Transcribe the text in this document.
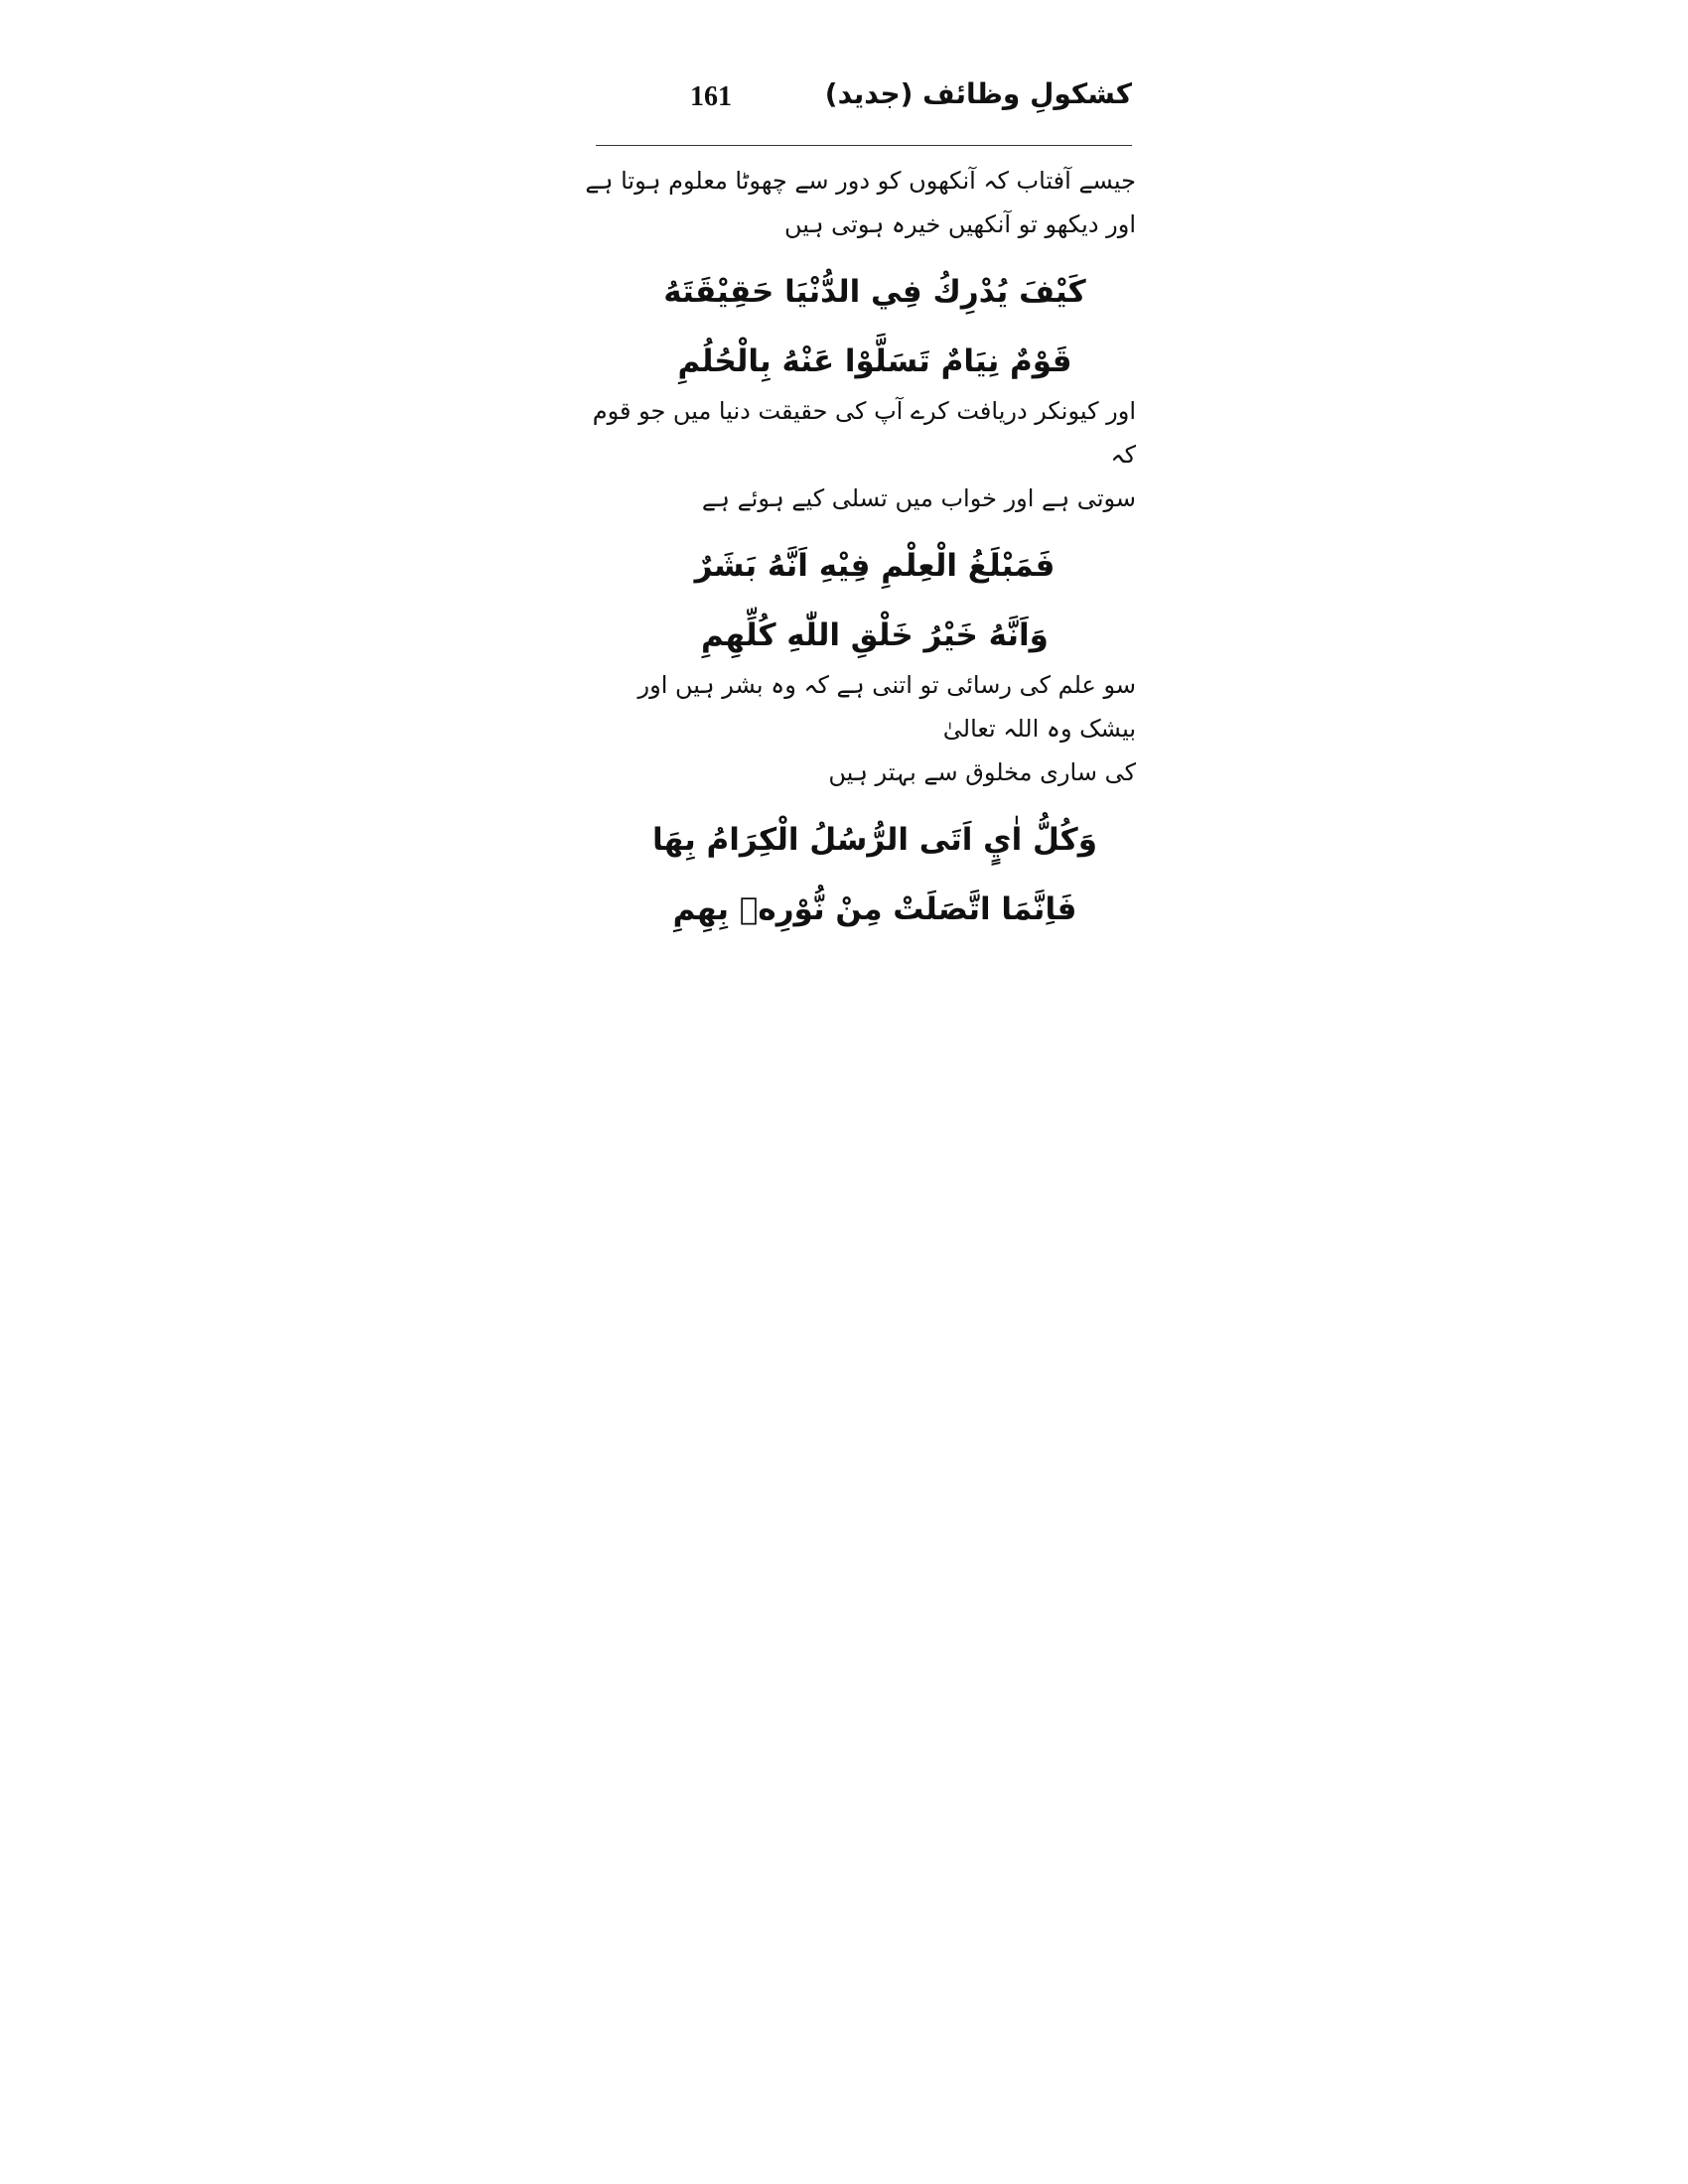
161	کشکولِ وظائف (جدید)

جیسے آفتاب کہ آنکھوں کو دور سے چھوٹا معلوم ہوتا ہے

اور دیکھو تو آنکھیں خیرہ ہوتی ہیں

كَيْفَ يُدْرِكُ فِي الدُّنْيَا حَقِيْقَتَهُ

قَوْمٌ نِيَامٌ تَسَلَّوْا عَنْهُ بِالْحُلُمِ

اور کیونکر دریافت کرے آپ کی حقیقت دنیا میں جو قوم کہ

سوتی ہے اور خواب میں تسلی کیے ہوئے ہے

فَمَبْلَغُ الْعِلْمِ فِيْهِ اَنَّهُ بَشَرٌ

وَاَنَّهُ خَيْرُ خَلْقِ اللّٰهِ كُلِّهِمِ

سو علم کی رسائی تو اتنی ہے کہ وہ بشر ہیں اور بیشک وہ اللہ تعالیٰ

کی ساری مخلوق سے بہتر ہیں

وَكُلُّ اٰيٍ اَتَى الرُّسُلُ الْكِرَامُ بِهَا

فَاِنَّمَا اتَّصَلَتْ مِنْ نُّوْرِهٖ بِهِمِ
